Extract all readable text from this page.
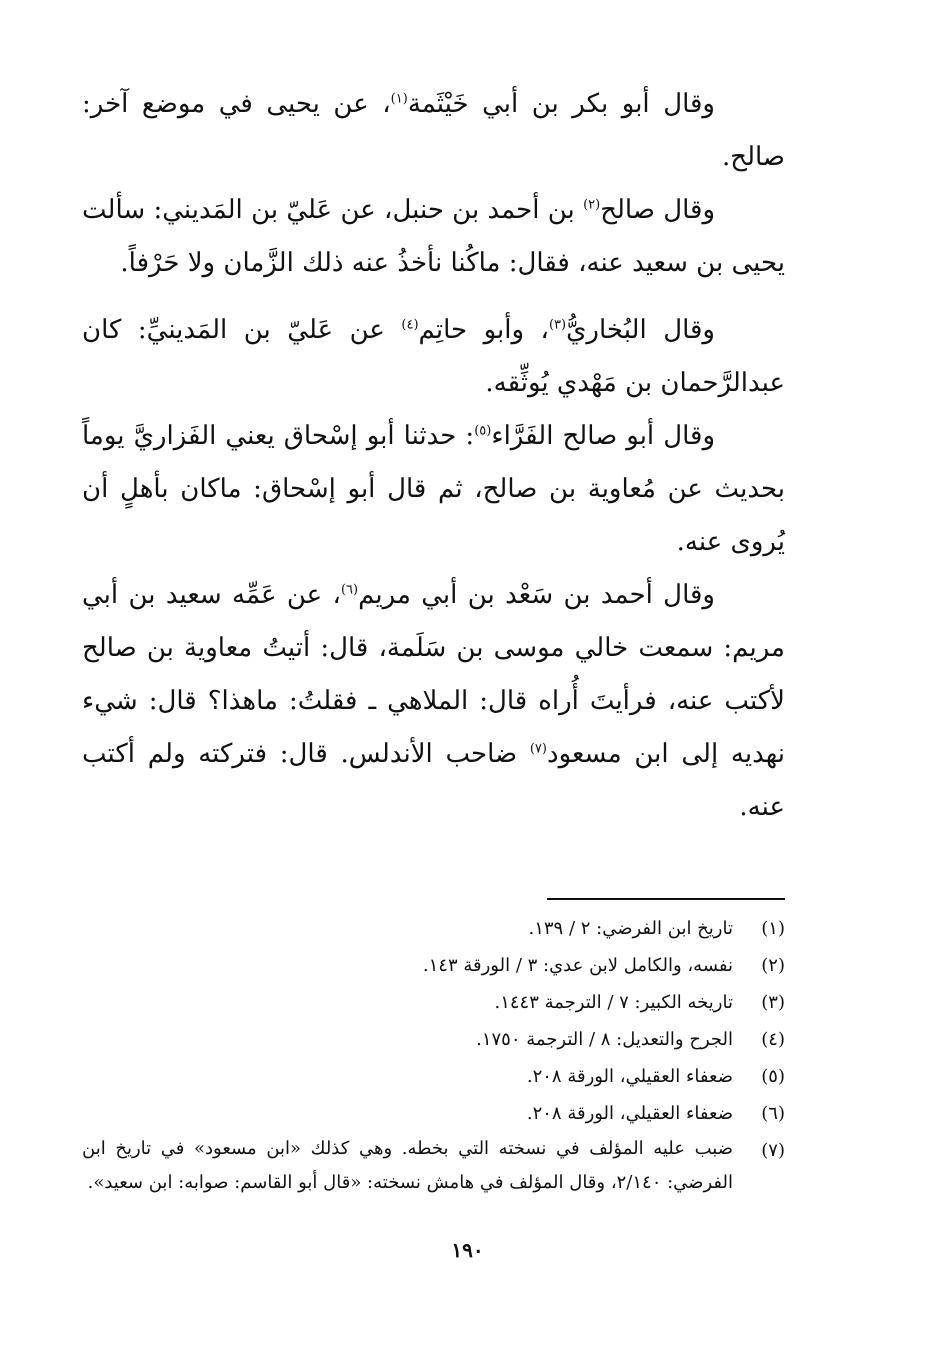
وقال أبو بكر بن أبي خَيْثَمة$^{(١)}$، عن يحيى في موضع آخر: صالح.

وقال صالح$^{(٢)}$ بن أحمد بن حنبل، عن عَليّ بن المَديني: سألت يحيى بن سعيد عنه، فقال: ماكُنا نأخذُ عنه ذلك الزَّمان ولا حَرْفاً.

وقال البُخاريُّ$^{(٣)}$، وأبو حاتِم$^{(٤)}$ عن عَليّ بن المَدينيِّ: كان عبدالرَّحمان بن مَهْدي يُوثِّقه.

وقال أبو صالح الفَرَّاء$^{(٥)}$: حدثنا أبو إسْحاق يعني الفَزاريَّ يوماً بحديث عن مُعاوية بن صالح، ثم قال أبو إسْحاق: ماكان بأهلٍ أن يُروى عنه.

وقال أحمد بن سَعْد بن أبي مريم$^{(٦)}$، عن عَمِّه سعيد بن أبي مريم: سمعت خالي موسى بن سَلَمة، قال: أتيتُ معاوية بن صالح لأكتب عنه، فرأيتَ أُراه قال: الملاهي ـ فقلتُ: ماهذا؟ قال: شيء نهديه إلى ابن مسعود$^{(٧)}$ ضاحب الأندلس. قال: فتركته ولم أكتب عنه.

(١)
تاريخ ابن الفرضي: ٢ / ١٣٩.
(٢)
نفسه، والكامل لابن عدي: ٣ / الورقة ١٤٣.
(٣)
تاريخه الكبير: ٧ / الترجمة ١٤٤٣.
(٤)
الجرح والتعديل: ٨ / الترجمة ١٧٥٠.
(٥)
ضعفاء العقيلي، الورقة ٢٠٨.
(٦)
ضعفاء العقيلي، الورقة ٢٠٨.
(٧)
ضبب عليه المؤلف في نسخته التي بخطه. وهي كذلك «ابن مسعود» في تاريخ ابن الفرضي: ٢/١٤٠، وقال المؤلف في هامش نسخته: «قال أبو القاسم: صوابه: ابن سعيد».
١٩٠
